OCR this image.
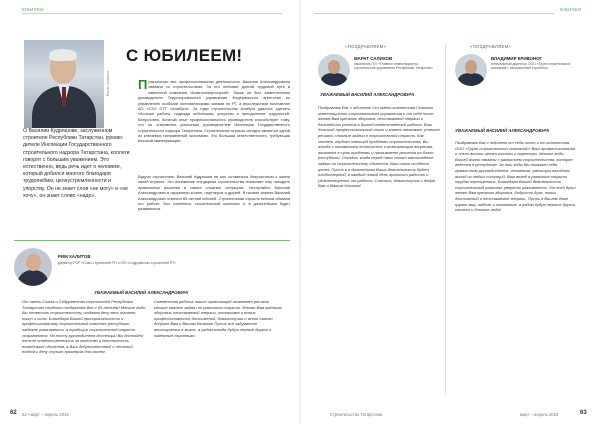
ЮБИЛЕИ
Васил Хабиров
С ЮБИЛЕЕМ!
О Василии Кудряшове, заслуженном строителе Республики Татарстан, руководителе Инспекции Государственного строительного надзора Татарстана, коллеги говорят с большим уважением. Это естественно, ведь речь идет о человеке, который добился многого благодаря трудолюбию, целеустремленности и упорству. Он не знает слов «не могу» и «не хочу», он знает слово «надо».
Практически вся профессиональная деятельность Василия Александровича связана со строительством. За его плечами долгий трудовой путь в известной компании «Камгэсэнергострой». Также он был заместителем руководителя Территориального управления Федерального агентства по управлению особыми экономическими зонами по РТ, а впоследствии возглавлял АО «СЗО ПТТ «Алабуга». За годы строительства Алабуги удалось сделать «больше работы, надежда небольшая, упорство и преодоление трудностей. Безусловно, богатый опыт профессионального руководителя способствует тому, что он становится успешным руководителем Инспекции Государственного строительного надзора Татарстана. Строительная отрасль сегодня является одной из ключевых направлений экономики. Это большая ответственность, требующая высокой квалификации.
Будучи строителем, Василий Кудряшов не мог оставаться безучастным к жизни своей отрасли. Это понимание специфики строительства позволяет ему находить правильные решения в самых сложных ситуациях. Неслучайно Василий Александрович в окружении коллег, партнеров и друзей. В начале апреля Василий Александрович отметил 65-летний юбилей. Строительная отрасль многим обязана его работе. Без сомнения, строительный комплекс и в дальнейшем будет развиваться.
РИМ ХАЛИТОВ
директор РОР «Союз строителей РТ» и ОП «Содружество строителей РТ»
УВАЖАЕМЫЙ ВАСИЛИЙ АЛЕКСАНДРОВИЧ!
От имени Союза и Содружества строителей Республики Татарстан сердечно поздравляю Вас с 65-летием! Многие годы Вы посвятили строительству, отдавая делу весь талант, опыт и силы. Благодаря Вашей принципиальности и профессионализму строительный комплекс республики надежно развивается, а традиции строительной отрасли сохраняются. На посту руководителя Инспекции Вы достойно несете ответственность за качество и безопасность возводимых объектов, а Ваш добросовестный и честный подход к делу служит примером для коллег.
Совместная работа наших организаций позволяет решать многие важные задачи по развитию отрасли. Желаю Вам крепкого здоровья, неиссякаемой энергии, оптимизма и новых профессиональных достижений, благополучия и всего самого доброго Вам и Вашим близким! Пусть все задуманное воплощается в жизнь, а рядом всегда будут верные друзья и надежные соратники.
62 62 • март – апрель 2019
ЮБИЛЕИ
«ПОЗДРАВЛЯЕМ»
МАРАТ САЛИХОВ
начальник ГКУ «Главное инвестиционно-строительное управление Республики Татарстан»
УВАЖАЕМЫЙ ВАСИЛИЙ АЛЕКСАНДРОВИЧ!
Поздравляю Вас с юбилеем! От имени коллектива Главного инвестиционно-строительного управления и от себя лично желаю Вам крепкого здоровья, неиссякаемой энергии и дальнейших успехов в Вашей ответственной работе. Ваш большой профессиональный опыт и знания помогают успешно решать сложные задачи в строительной отрасли. Как человек, глубоко знающий проблемы строительства, Вы всегда с пониманием относитесь к возникающим вопросам, вникаете в суть проблемы и принимаете решения на благо республики. Сегодня, когда перед нами стоят масштабные задачи по строительству объектов, Ваш опыт особенно ценен. Пусть и в дальнейшем Ваша деятельность будет плодотворной, а каждый новый день приносит радость и удовлетворение от работы. Счастья, благополучия и добра Вам и Вашим близким!
«ПОЗДРАВЛЯЕМ»
ВЛАДИМИР КРИВОНОГ
генеральный директор ООО «Групп строительных компаний», заслуженный строитель
УВАЖАЕМЫЙ ВАСИЛИЙ АЛЕКСАНДРОВИЧ!
Поздравляю Вас с юбилеем от себя лично и от коллектива ООО «Групп строительных компаний»! Ваш профессионализм и опыт высоко ценят коллеги и партнеры. Многие годы Вашей жизни связаны с развитием строительства, которое ведется в республике. За эти годы Вы показали себя грамотным руководителем, человеком, умеющим находить выход из любых ситуаций. Ваш вклад в развитие отрасли трудно переоценить. Благодаря Вашей деятельности строительный комплекс уверенно развивается. От всей души желаю Вам крепкого здоровья, бодрости духа, новых достижений и неиссякаемой энергии. Пусть в Вашем доме царят мир, любовь и понимание, а рядом будут верные друзья, коллеги и близкие люди!
Строительство Татарстана	март – апрель 2019	63
